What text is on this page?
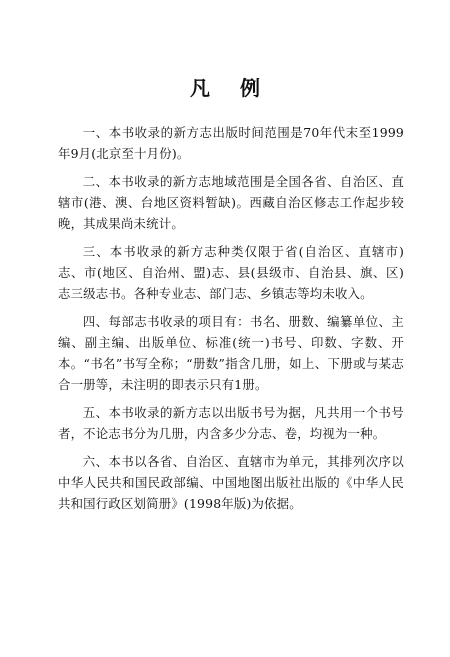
凡例

一、本书收录的新方志出版时间范围是70年代末至1999年9月(北京至十月份)。

二、本书收录的新方志地域范围是全国各省、自治区、直辖市(港、澳、台地区资料暂缺)。西藏自治区修志工作起步较晚，其成果尚未统计。

三、本书收录的新方志种类仅限于省(自治区、直辖市)志、市(地区、自治州、盟)志、县(县级市、自治县、旗、区)志三级志书。各种专业志、部门志、乡镇志等均未收入。

四、每部志书收录的项目有：书名、册数、编纂单位、主编、副主编、出版单位、标准(统一)书号、印数、字数、开本。“书名”书写全称；“册数”指含几册，如上、下册或与某志合一册等，未注明的即表示只有1册。

五、本书收录的新方志以出版书号为据，凡共用一个书号者，不论志书分为几册，内含多少分志、卷，均视为一种。

六、本书以各省、自治区、直辖市为单元，其排列次序以中华人民共和国民政部编、中国地图出版社出版的《中华人民共和国行政区划简册》(1998年版)为依据。
